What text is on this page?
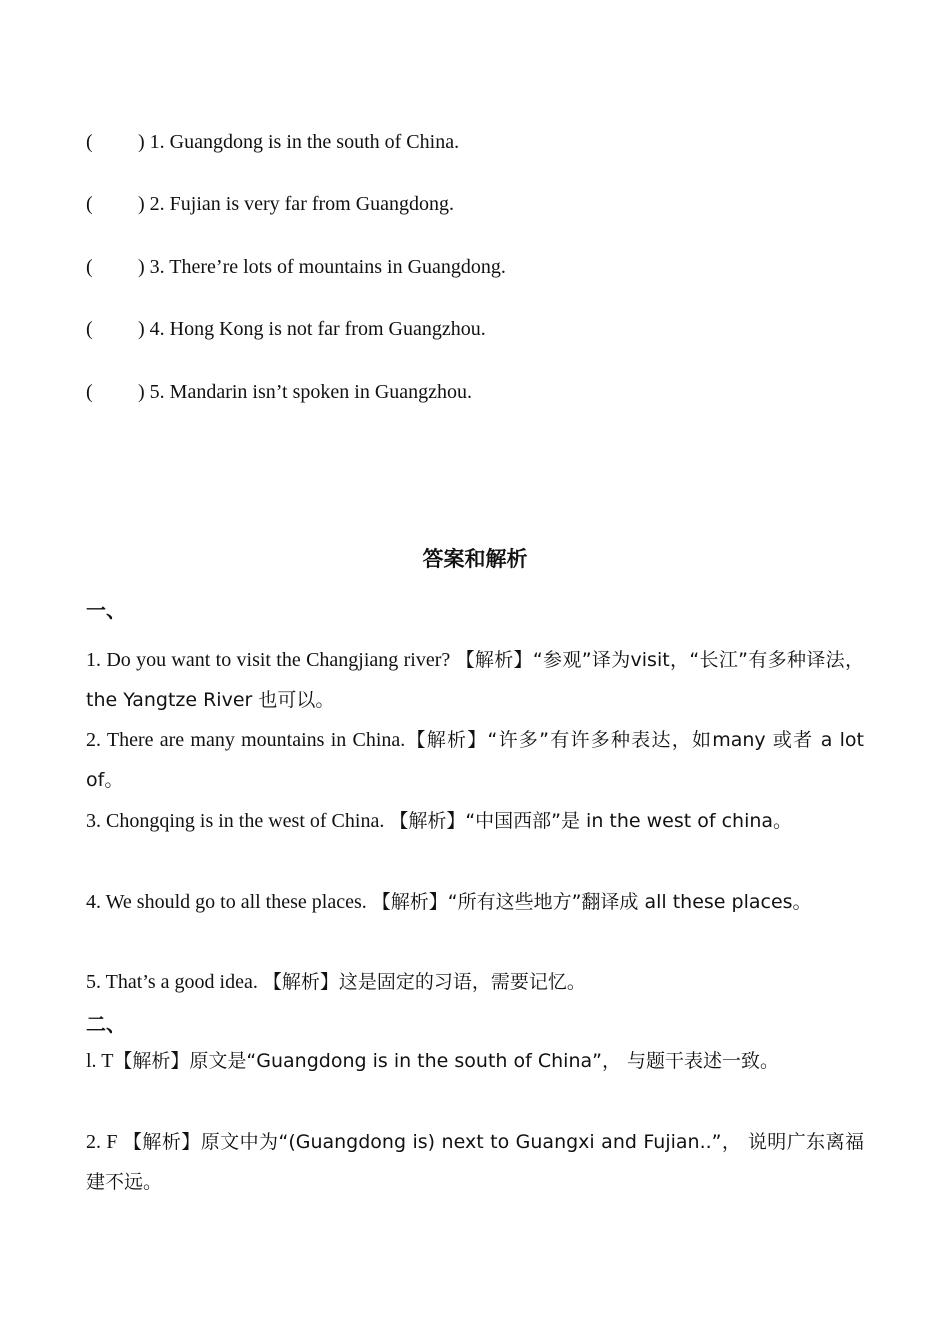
( ) 1. Guangdong is in the south of China.
( ) 2. Fujian is very far from Guangdong.
( ) 3. There’re lots of mountains in Guangdong.
( ) 4. Hong Kong is not far from Guangzhou.
( ) 5. Mandarin isn’t spoken in Guangzhou.
答案和解析
一、
1. Do you want to visit the Changjiang river? 【解析】“参观”译为visit，“长江”有多种译法，the Yangtze River 也可以。
2. There are many mountains in China.【解析】“许多”有许多种表达，如many 或者 a lot of。
3. Chongqing is in the west of China. 【解析】“中国西部”是 in the west of china。
4. We should go to all these places. 【解析】“所有这些地方”翻译成 all these places。
5. That’s a good idea. 【解析】这是固定的习语，需要记忆。
二、
l. T【解析】原文是“Guangdong is in the south of China”， 与题干表述一致。
2. F 【解析】原文中为“(Guangdong is) next to Guangxi and Fujian..”， 说明广东离福建不远。
